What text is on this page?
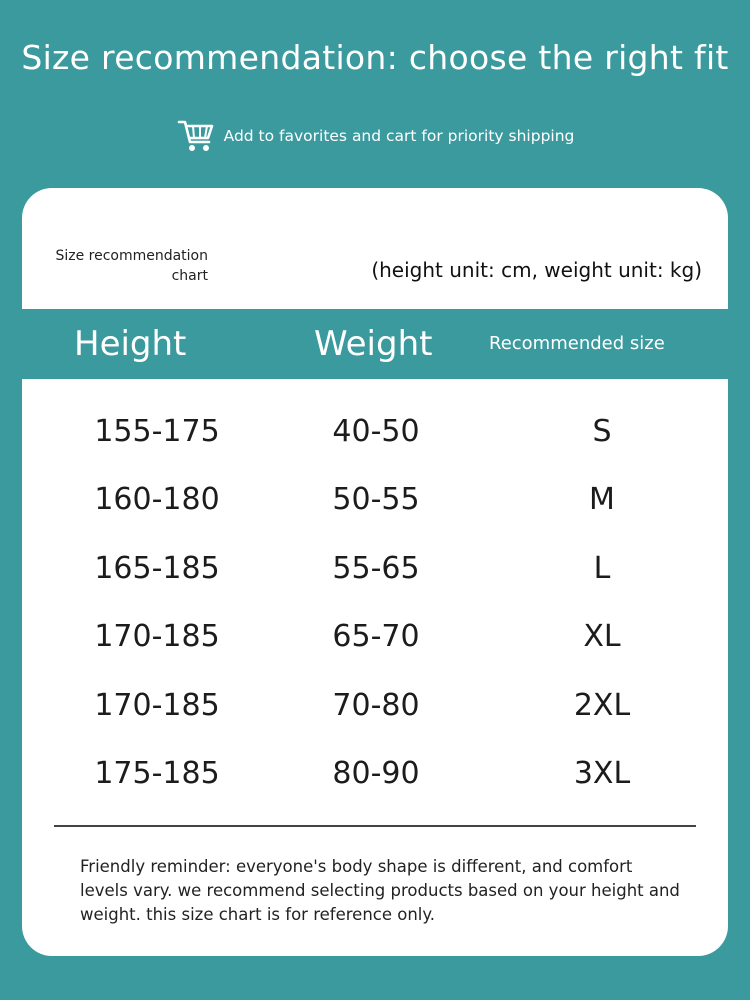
Size recommendation: choose the right fit
Add to favorites and cart for priority shipping
Size recommendation chart	(height unit: cm, weight unit: kg)
Height	Weight	Recommended size
155-175	40-50	S
160-180	50-55	M
165-185	55-65	L
170-185	65-70	XL
170-185	70-80	2XL
175-185	80-90	3XL
Friendly reminder: everyone's body shape is different, and comfort levels vary. we recommend selecting products based on your height and weight. this size chart is for reference only.
